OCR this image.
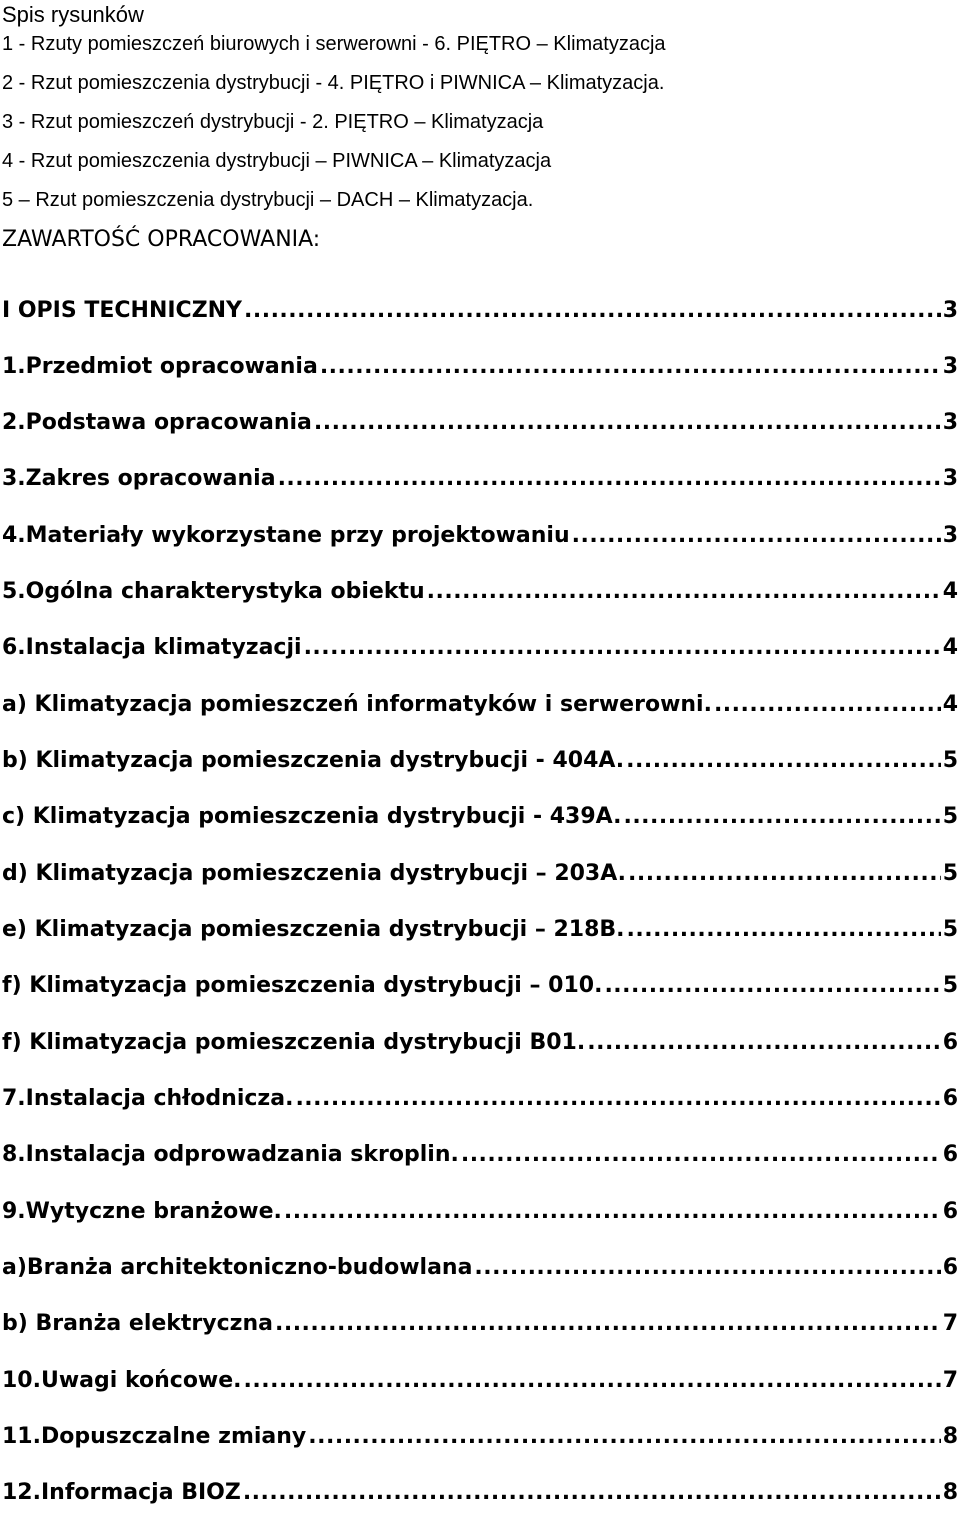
Spis rysunków
1 - Rzuty pomieszczeń biurowych i serwerowni - 6. PIĘTRO – Klimatyzacja
2 - Rzut pomieszczenia dystrybucji - 4. PIĘTRO i PIWNICA – Klimatyzacja.
3 - Rzut pomieszczeń dystrybucji - 2. PIĘTRO – Klimatyzacja
4 - Rzut pomieszczenia dystrybucji – PIWNICA – Klimatyzacja
5 – Rzut pomieszczenia dystrybucji – DACH – Klimatyzacja.
ZAWARTOŚĆ OPRACOWANIA:
I OPIS TECHNICZNY .....	3
1.Przedmiot opracowania .....	3
2.Podstawa opracowania .....	3
3.Zakres opracowania .....	3
4.Materiały wykorzystane przy projektowaniu .....	3
5.Ogólna charakterystyka obiektu .....	4
6.Instalacja klimatyzacji .....	4
a) Klimatyzacja pomieszczeń informatyków i serwerowni. .....	4
b) Klimatyzacja pomieszczenia dystrybucji - 404A. .....	5
c) Klimatyzacja pomieszczenia dystrybucji - 439A. .....	5
d) Klimatyzacja pomieszczenia dystrybucji – 203A. .....	5
e) Klimatyzacja pomieszczenia dystrybucji – 218B. .....	5
f) Klimatyzacja pomieszczenia dystrybucji – 010. .....	5
f) Klimatyzacja pomieszczenia dystrybucji B01. .....	6
7.Instalacja chłodnicza. .....	6
8.Instalacja odprowadzania skroplin. .....	6
9.Wytyczne branżowe. .....	6
a)Branża architektoniczno-budowlana .....	6
b) Branża elektryczna .....	7
10.Uwagi końcowe. .....	7
11.Dopuszczalne zmiany .....	8
12.Informacja BIOZ .....	8
